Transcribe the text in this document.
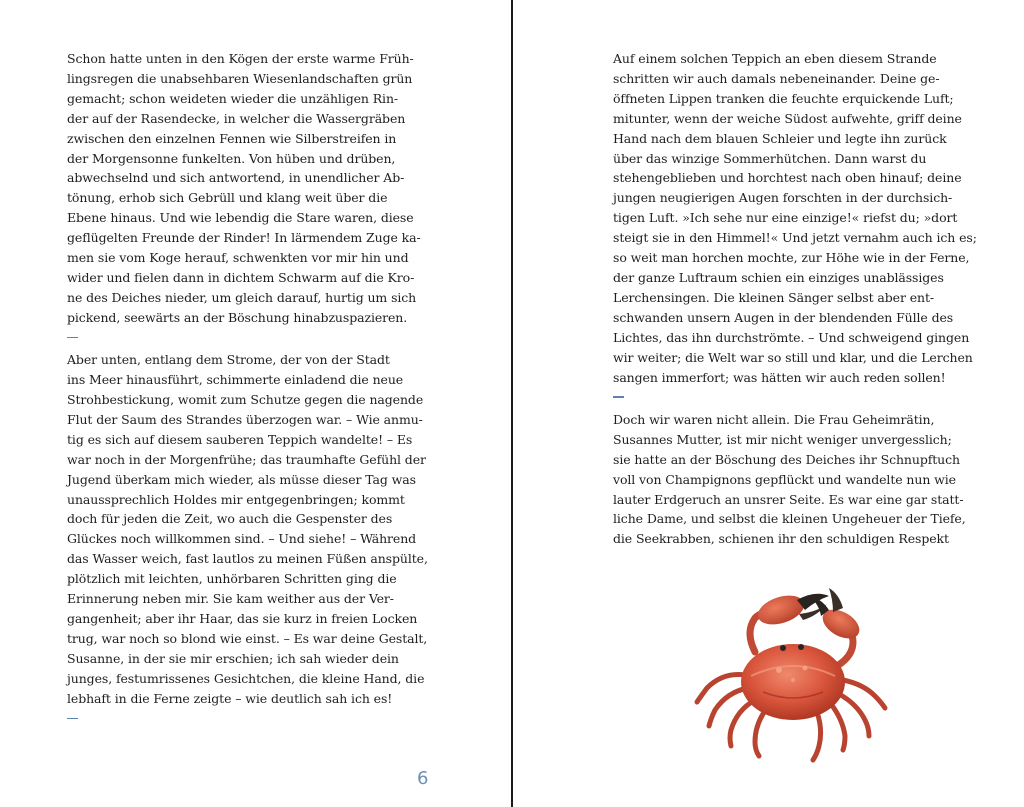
Schon hatte unten in den Kögen der erste warme Früh-
lingsregen die unabsehbaren Wiesenlandschaften grün
gemacht; schon weideten wieder die unzähligen Rin-
der auf der Rasendecke, in welcher die Wassergräben
zwischen den einzelnen Fennen wie Silberstreifen in
der Morgensonne funkelten. Von hüben und drüben,
abwechselnd und sich antwortend, in unendlicher Ab-
tönung, erhob sich Gebrüll und klang weit über die
Ebene hinaus. Und wie lebendig die Stare waren, diese
geflügelten Freunde der Rinder! In lärmendem Zuge ka-
men sie vom Koge herauf, schwenkten vor mir hin und
wider und fielen dann in dichtem Schwarm auf die Kro-
ne des Deiches nieder, um gleich darauf, hurtig um sich
pickend, seewärts an der Böschung hinabzuspazieren.

Aber unten, entlang dem Strome, der von der Stadt
ins Meer hinausführt, schimmerte einladend die neue
Strohbestickung, womit zum Schutze gegen die nagende
Flut der Saum des Strandes überzogen war. – Wie anmu-
tig es sich auf diesem sauberen Teppich wandelte! – Es
war noch in der Morgenfrühe; das traumhafte Gefühl der
Jugend überkam mich wieder, als müsse dieser Tag was
unaussprechlich Holdes mir entgegenbringen; kommt
doch für jeden die Zeit, wo auch die Gespenster des
Glückes noch willkommen sind. – Und siehe! – Während
das Wasser weich, fast lautlos zu meinen Füßen anspülte,
plötzlich mit leichten, unhörbaren Schritten ging die
Erinnerung neben mir. Sie kam weither aus der Ver-
gangenheit; aber ihr Haar, das sie kurz in freien Locken
trug, war noch so blond wie einst. – Es war deine Gestalt,
Susanne, in der sie mir erschien; ich sah wieder dein
junges, festumrissenes Gesichtchen, die kleine Hand, die
lebhaft in die Ferne zeigte – wie deutlich sah ich es!

6

Auf einem solchen Teppich an eben diesem Strande
schritten wir auch damals nebeneinander. Deine ge-
öffneten Lippen tranken die feuchte erquickende Luft;
mitunter, wenn der weiche Südost aufwehte, griff deine
Hand nach dem blauen Schleier und legte ihn zurück
über das winzige Sommerhütchen. Dann warst du
stehengeblieben und horchtest nach oben hinauf; deine
jungen neugierigen Augen forschten in der durchsich-
tigen Luft. »Ich sehe nur eine einzige!« riefst du; »dort
steigt sie in den Himmel!« Und jetzt vernahm auch ich es;
so weit man horchen mochte, zur Höhe wie in der Ferne,
der ganze Luftraum schien ein einziges unablässiges
Lerchensingen. Die kleinen Sänger selbst aber ent-
schwanden unsern Augen in der blendenden Fülle des
Lichtes, das ihn durchströmte. – Und schweigend gingen
wir weiter; die Welt war so still und klar, und die Lerchen
sangen immerfort; was hätten wir auch reden sollen!

Doch wir waren nicht allein. Die Frau Geheimrätin,
Susannes Mutter, ist mir nicht weniger unvergesslich;
sie hatte an der Böschung des Deiches ihr Schnupftuch
voll von Champignons gepflückt und wandelte nun wie
lauter Erdgeruch an unsrer Seite. Es war eine gar statt-
liche Dame, und selbst die kleinen Ungeheuer der Tiefe,
die Seekrabben, schienen ihr den schuldigen Respekt
